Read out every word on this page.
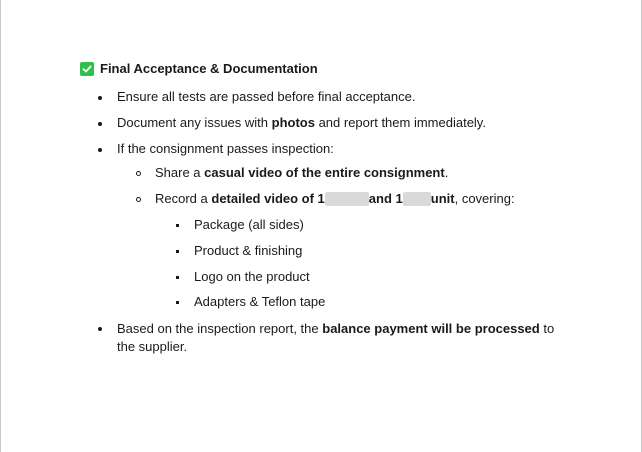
Final Acceptance & Documentation
Ensure all tests are passed before final acceptance.
Document any issues with photos and report them immediately.
If the consignment passes inspection:
Share a casual video of the entire consignment.
Record a detailed video of 1	and 1 unit, covering:
Package (all sides)
Product & finishing
Logo on the product
Adapters & Teflon tape
Based on the inspection report, the balance payment will be processed to the supplier.
